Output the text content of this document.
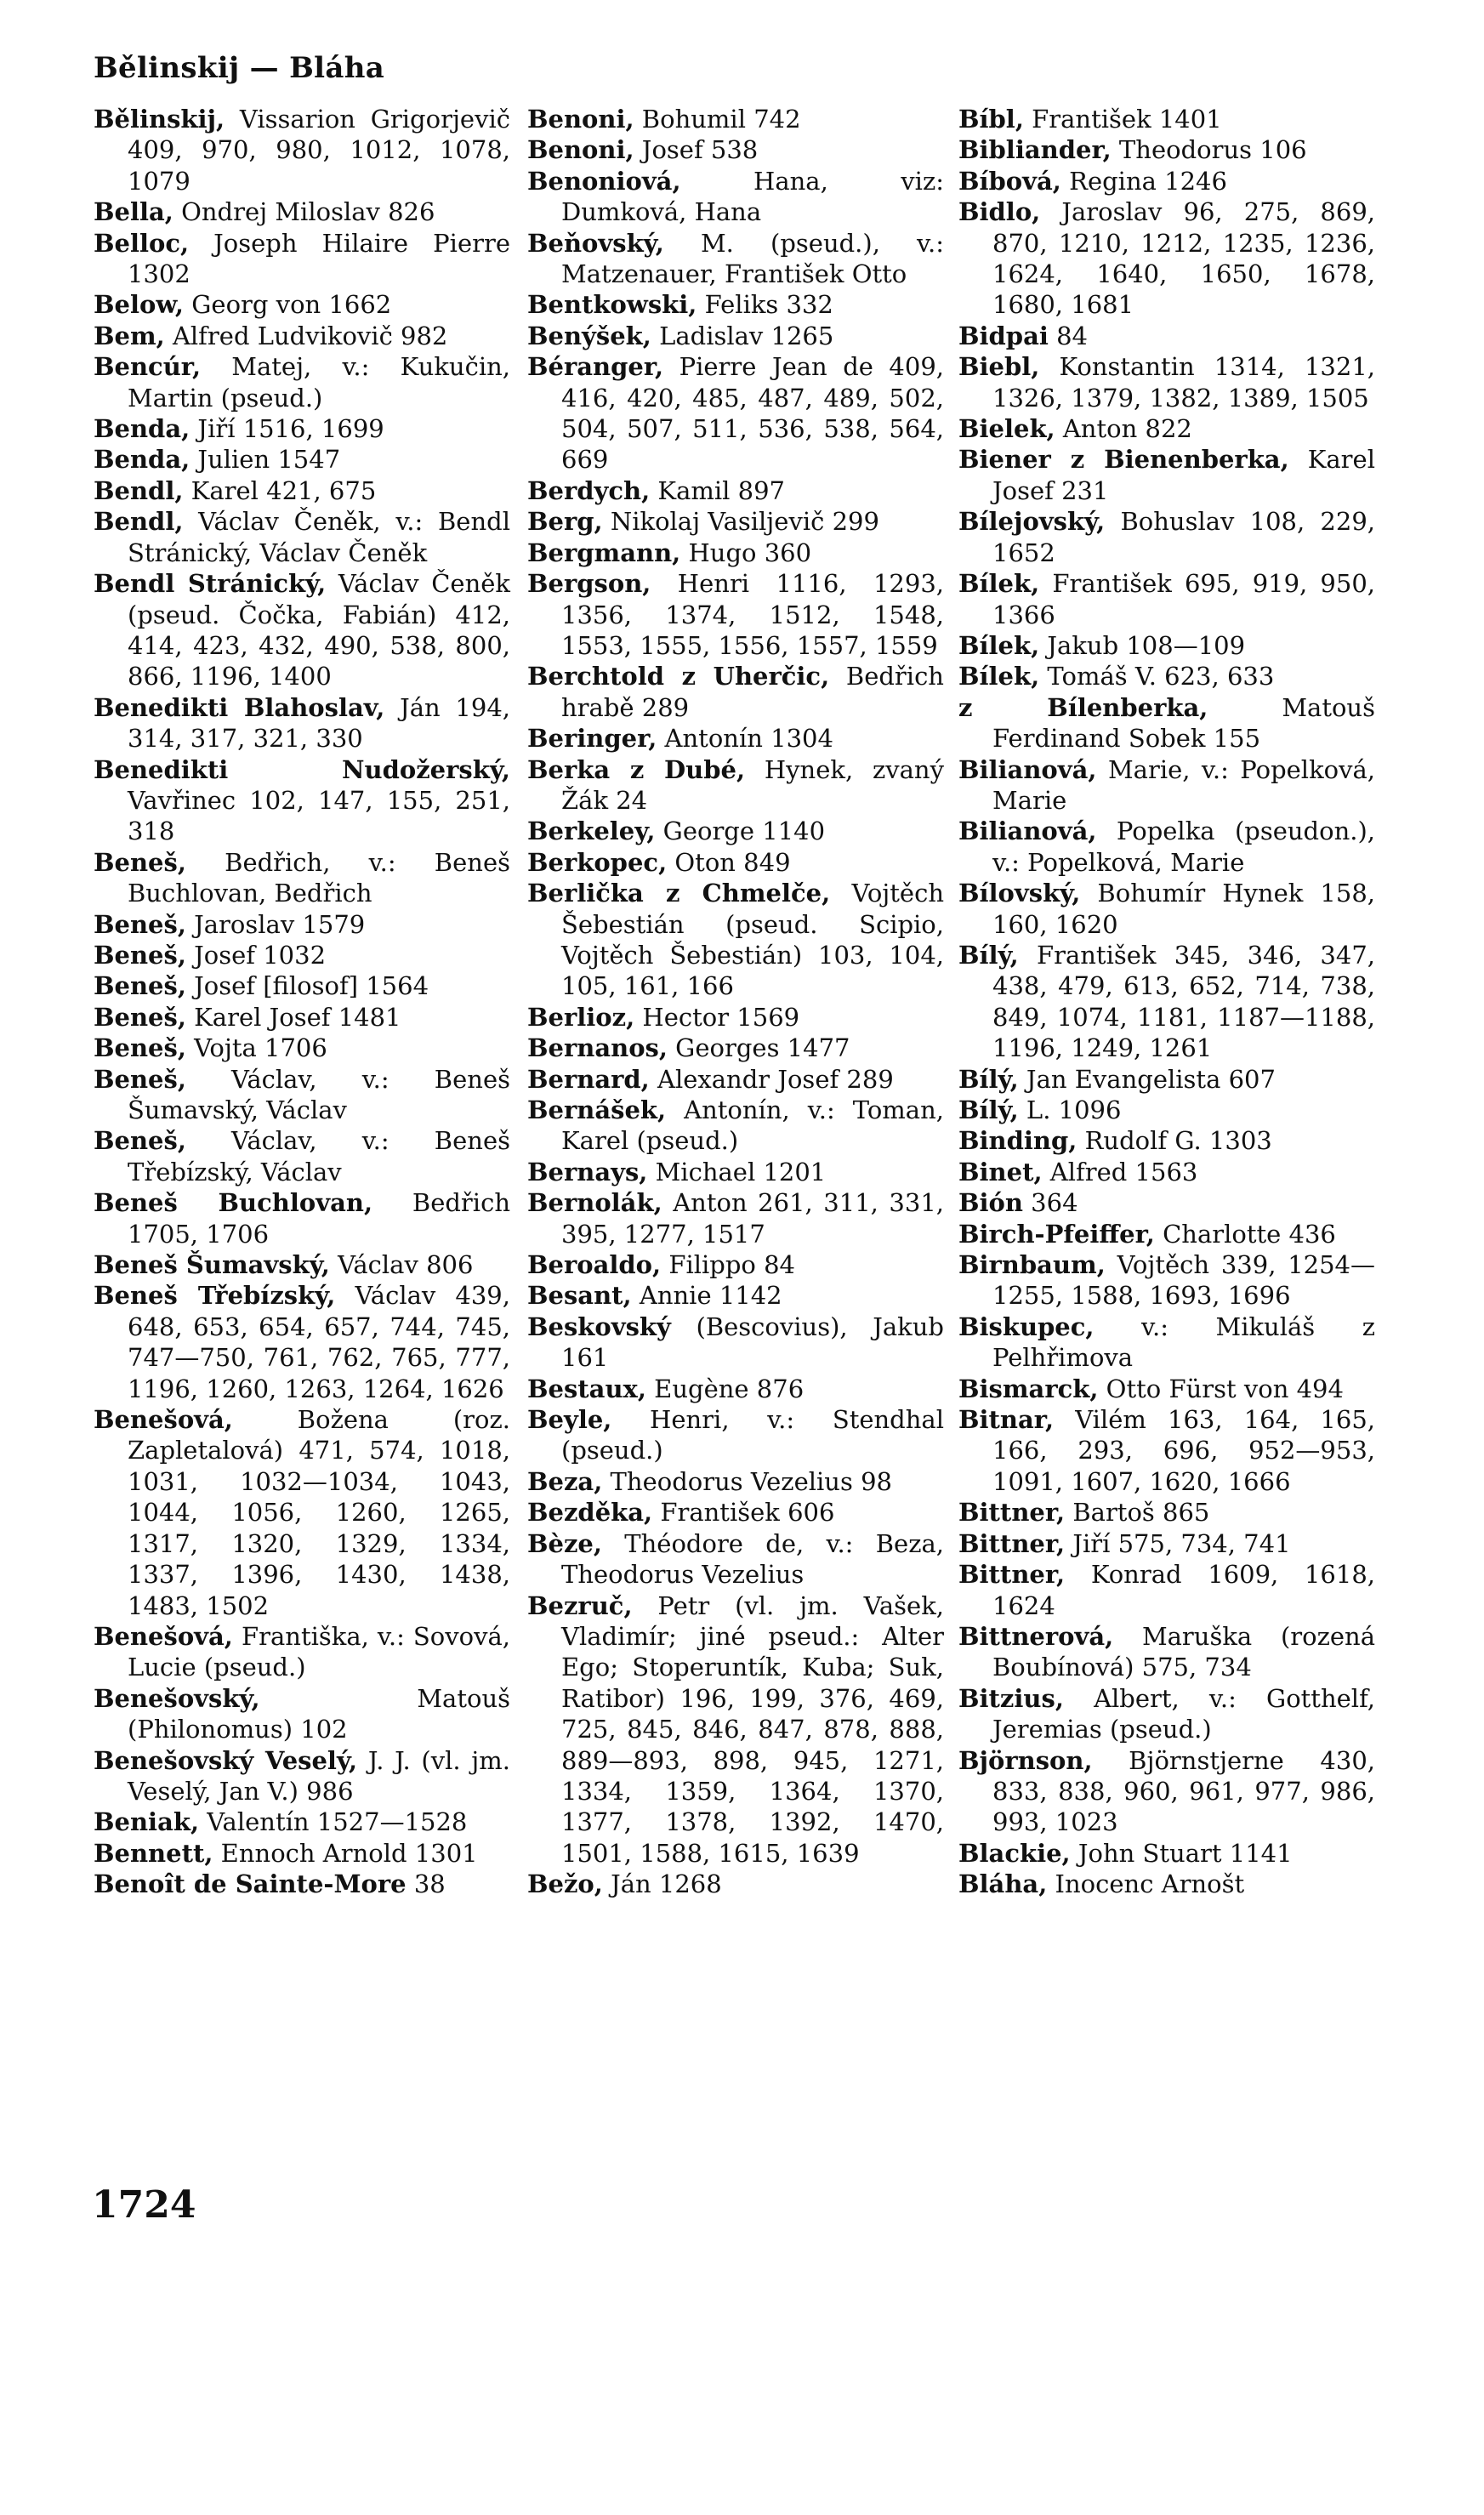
Bělinskij — Bláha

Bělinskij, Vissarion Grigorjevič 409, 970, 980, 1012, 1078, 1079

Bella, Ondrej Miloslav 826

Belloc, Joseph Hilaire Pierre 1302

Below, Georg von 1662

Bem, Alfred Ludvikovič 982

Bencúr, Matej, v.: Kukučin, Martin (pseud.)

Benda, Jiří 1516, 1699

Benda, Julien 1547

Bendl, Karel 421, 675

Bendl, Václav Čeněk, v.: Bendl Stránický, Václav Čeněk

Bendl Stránický, Václav Čeněk (pseud. Čočka, Fabián) 412, 414, 423, 432, 490, 538, 800, 866, 1196, 1400

Benedikti Blahoslav, Ján 194, 314, 317, 321, 330

Benedikti Nudožerský, Vavřinec 102, 147, 155, 251, 318

Beneš, Bedřich, v.: Beneš Buchlovan, Bedřich

Beneš, Jaroslav 1579

Beneš, Josef 1032

Beneš, Josef [filosof] 1564

Beneš, Karel Josef 1481

Beneš, Vojta 1706

Beneš, Václav, v.: Beneš Šumavský, Václav

Beneš, Václav, v.: Beneš Třebízský, Václav

Beneš Buchlovan, Bedřich 1705, 1706

Beneš Šumavský, Václav 806

Beneš Třebízský, Václav 439, 648, 653, 654, 657, 744, 745, 747—750, 761, 762, 765, 777, 1196, 1260, 1263, 1264, 1626

Benešová, Božena (roz. Zapletalová) 471, 574, 1018, 1031, 1032—1034, 1043, 1044, 1056, 1260, 1265, 1317, 1320, 1329, 1334, 1337, 1396, 1430, 1438, 1483, 1502

Benešová, Františka, v.: Sovová, Lucie (pseud.)

Benešovský, Matouš (Philonomus) 102

Benešovský Veselý, J. J. (vl. jm. Veselý, Jan V.) 986

Beniak, Valentín 1527—1528

Bennett, Ennoch Arnold 1301

Benoît de Sainte-More 38

Benoni, Bohumil 742

Benoni, Josef 538

Benoniová, Hana, viz: Dumková, Hana

Beňovský, M. (pseud.), v.: Matzenauer, František Otto

Bentkowski, Feliks 332

Benýšek, Ladislav 1265

Béranger, Pierre Jean de 409, 416, 420, 485, 487, 489, 502, 504, 507, 511, 536, 538, 564, 669

Berdych, Kamil 897

Berg, Nikolaj Vasiljevič 299

Bergmann, Hugo 360

Bergson, Henri 1116, 1293, 1356, 1374, 1512, 1548, 1553, 1555, 1556, 1557, 1559

Berchtold z Uherčic, Bedřich hrabě 289

Beringer, Antonín 1304

Berka z Dubé, Hynek, zvaný Žák 24

Berkeley, George 1140

Berkopec, Oton 849

Berlička z Chmelče, Vojtěch Šebestián (pseud. Scipio, Vojtěch Šebestián) 103, 104, 105, 161, 166

Berlioz, Hector 1569

Bernanos, Georges 1477

Bernard, Alexandr Josef 289

Bernášek, Antonín, v.: Toman, Karel (pseud.)

Bernays, Michael 1201

Bernolák, Anton 261, 311, 331, 395, 1277, 1517

Beroaldo, Filippo 84

Besant, Annie 1142

Beskovský (Bescovius), Jakub 161

Bestaux, Eugène 876

Beyle, Henri, v.: Stendhal (pseud.)

Beza, Theodorus Vezelius 98

Bezděka, František 606

Bèze, Théodore de, v.: Beza, Theodorus Vezelius

Bezruč, Petr (vl. jm. Vašek, Vladimír; jiné pseud.: Alter Ego; Stoperuntík, Kuba; Suk, Ratibor) 196, 199, 376, 469, 725, 845, 846, 847, 878, 888, 889—893, 898, 945, 1271, 1334, 1359, 1364, 1370, 1377, 1378, 1392, 1470, 1501, 1588, 1615, 1639

Bežo, Ján 1268

Bíbl, František 1401

Bibliander, Theodorus 106

Bíbová, Regina 1246

Bidlo, Jaroslav 96, 275, 869, 870, 1210, 1212, 1235, 1236, 1624, 1640, 1650, 1678, 1680, 1681

Bidpai 84

Biebl, Konstantin 1314, 1321, 1326, 1379, 1382, 1389, 1505

Bielek, Anton 822

Biener z Bienenberka, Karel Josef 231

Bílejovský, Bohuslav 108, 229, 1652

Bílek, František 695, 919, 950, 1366

Bílek, Jakub 108—109

Bílek, Tomáš V. 623, 633

z Bílenberka, Matouš Ferdinand Sobek 155

Bilianová, Marie, v.: Popelková, Marie

Bilianová, Popelka (pseudon.), v.: Popelková, Marie

Bílovský, Bohumír Hynek 158, 160, 1620

Bílý, František 345, 346, 347, 438, 479, 613, 652, 714, 738, 849, 1074, 1181, 1187—1188, 1196, 1249, 1261

Bílý, Jan Evangelista 607

Bílý, L. 1096

Binding, Rudolf G. 1303

Binet, Alfred 1563

Bión 364

Birch-Pfeiffer, Charlotte 436

Birnbaum, Vojtěch 339, 1254—1255, 1588, 1693, 1696

Biskupec, v.: Mikuláš z Pelhřimova

Bismarck, Otto Fürst von 494

Bitnar, Vilém 163, 164, 165, 166, 293, 696, 952—953, 1091, 1607, 1620, 1666

Bittner, Bartoš 865

Bittner, Jiří 575, 734, 741

Bittner, Konrad 1609, 1618, 1624

Bittnerová, Maruška (rozená Boubínová) 575, 734

Bitzius, Albert, v.: Gotthelf, Jeremias (pseud.)

Björnson, Björnstjerne 430, 833, 838, 960, 961, 977, 986, 993, 1023

Blackie, John Stuart 1141

Bláha, Inocenc Arnošt

1724
